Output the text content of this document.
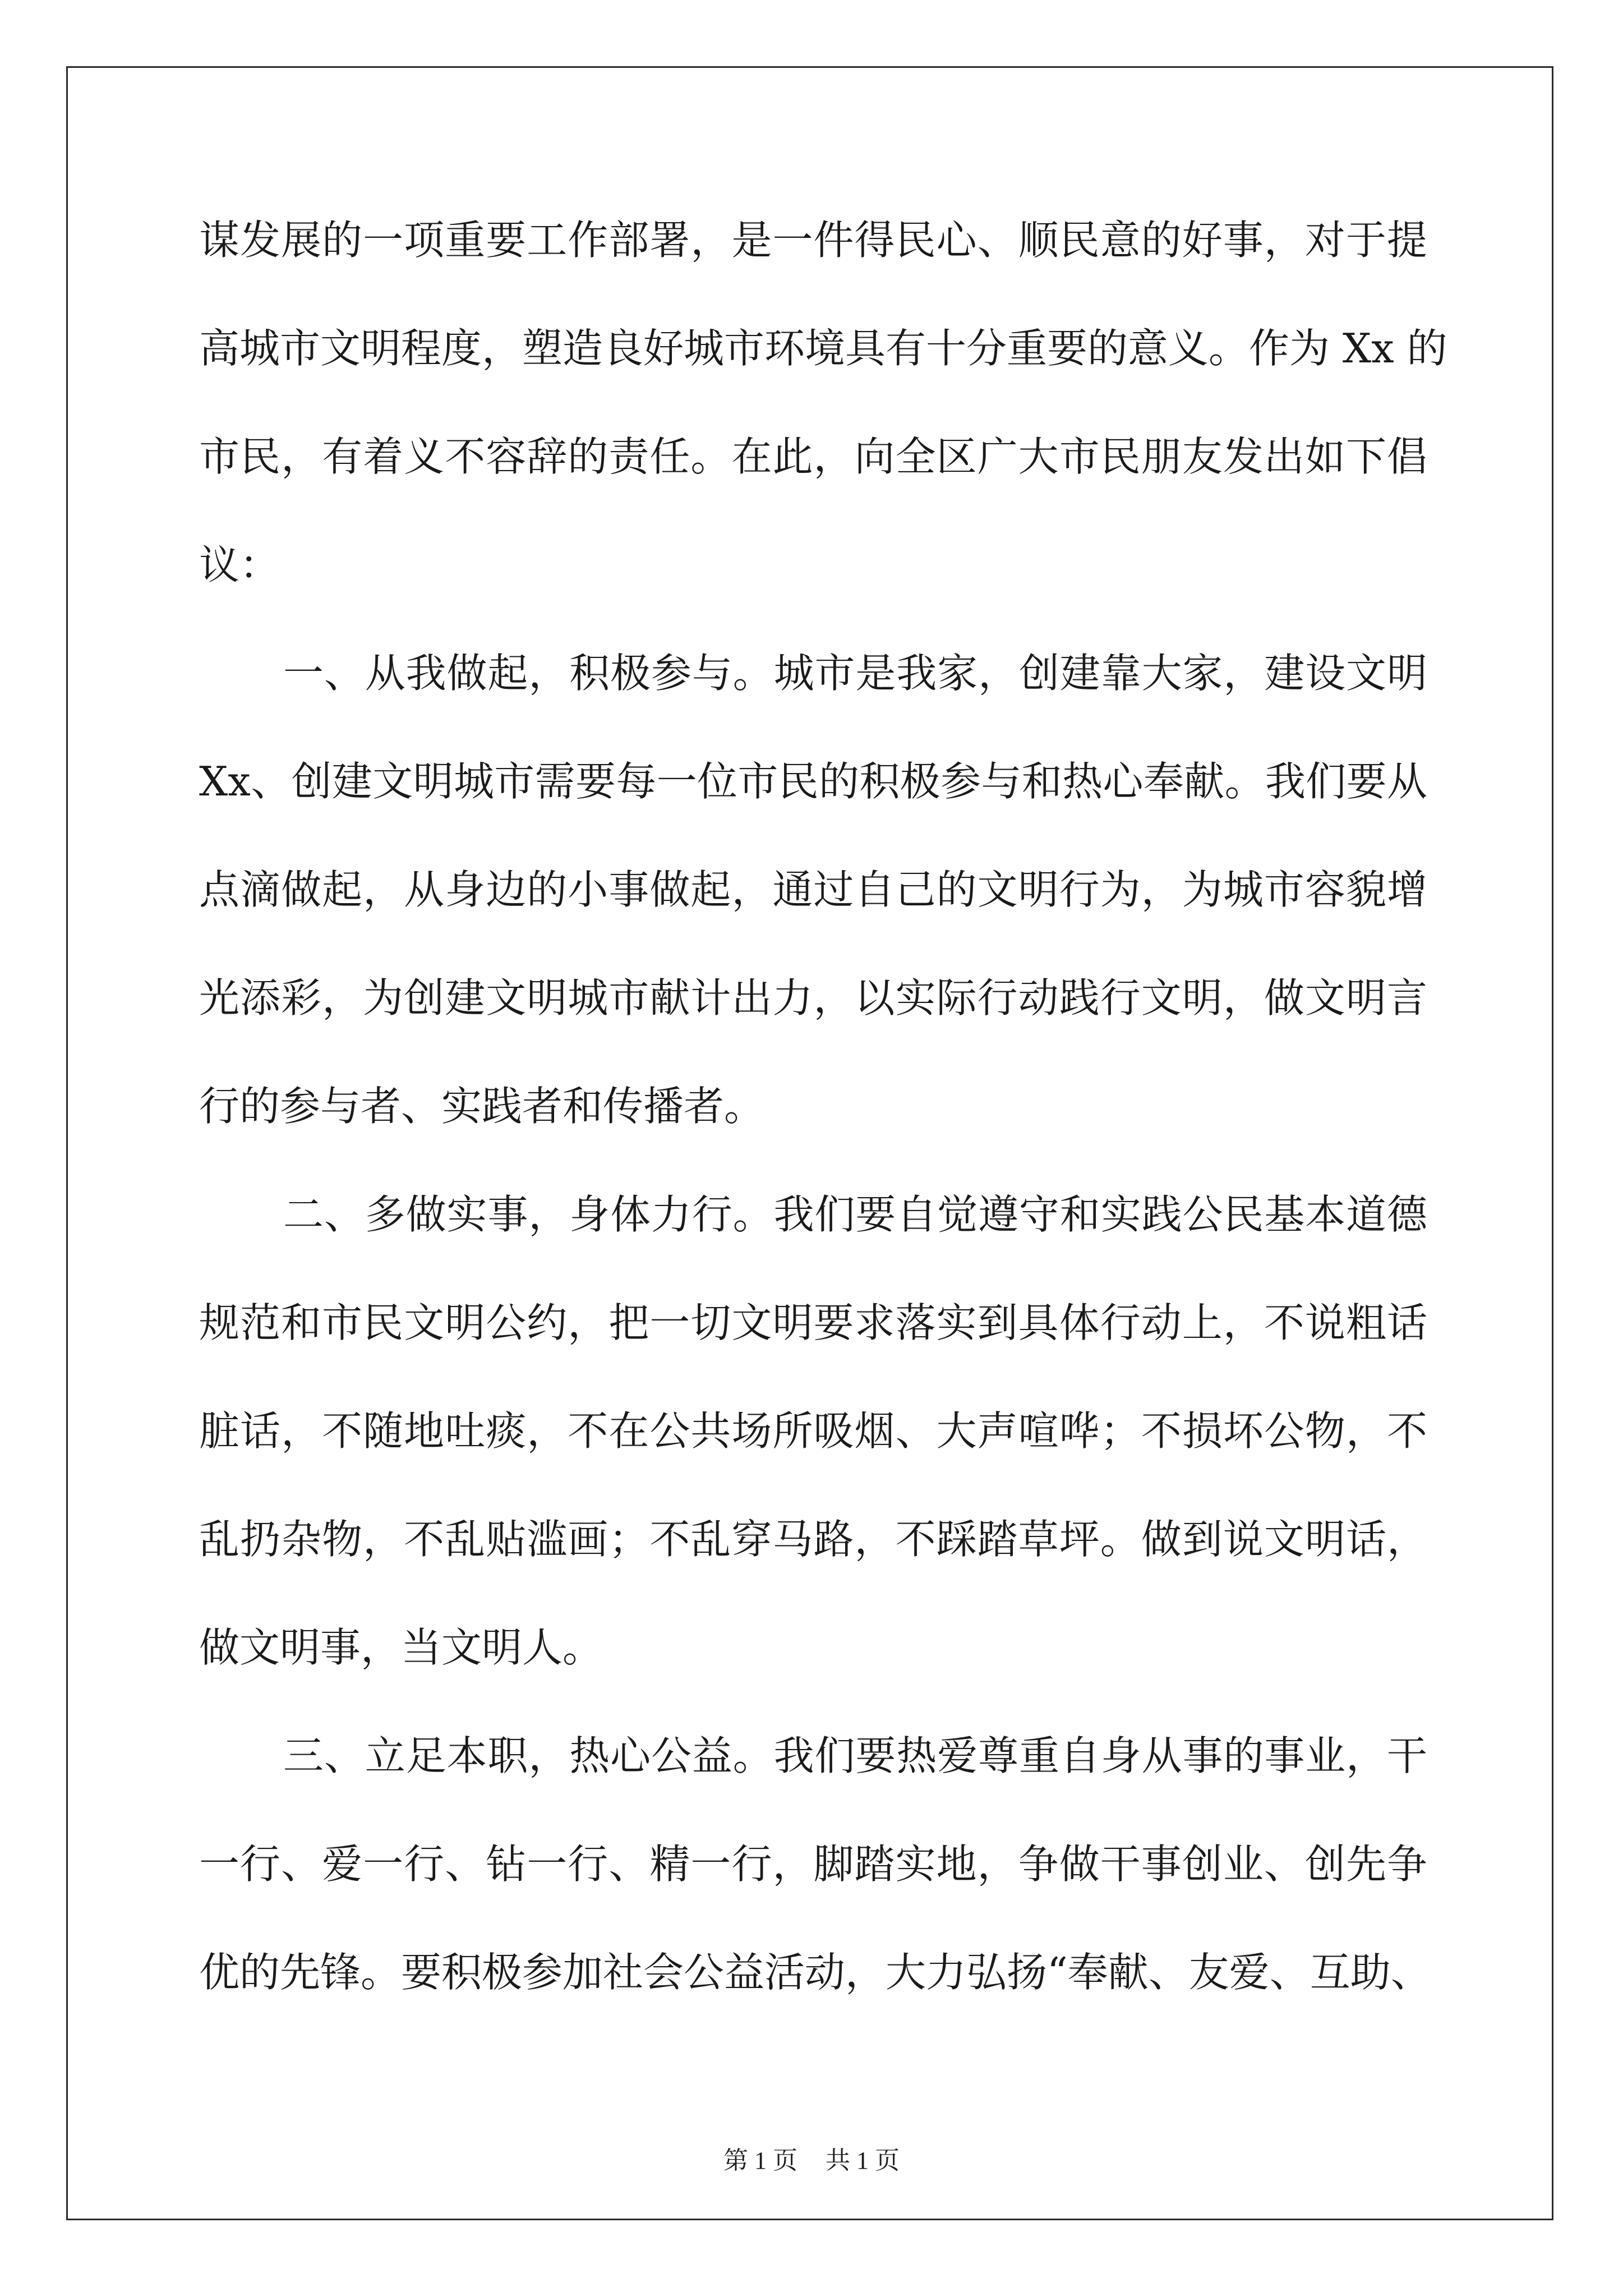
谋发展的一项重要工作部署，是一件得民心、顺民意的好事，对于提

高城市文明程度，塑造良好城市环境具有十分重要的意义。作为 Xx 的

市民，有着义不容辞的责任。在此，向全区广大市民朋友发出如下倡

议：

一、从我做起，积极参与。城市是我家，创建靠大家，建设文明

Xx、创建文明城市需要每一位市民的积极参与和热心奉献。我们要从

点滴做起，从身边的小事做起，通过自己的文明行为，为城市容貌增

光添彩，为创建文明城市献计出力，以实际行动践行文明，做文明言

行的参与者、实践者和传播者。

二、多做实事，身体力行。我们要自觉遵守和实践公民基本道德

规范和市民文明公约，把一切文明要求落实到具体行动上，不说粗话

脏话，不随地吐痰，不在公共场所吸烟、大声喧哗；不损坏公物，不

乱扔杂物，不乱贴滥画；不乱穿马路，不踩踏草坪。做到说文明话，

做文明事，当文明人。

三、立足本职，热心公益。我们要热爱尊重自身从事的事业，干

一行、爱一行、钻一行、精一行，脚踏实地，争做干事创业、创先争

优的先锋。要积极参加社会公益活动，大力弘扬“奉献、友爱、互助、

第 1 页 共 1 页
